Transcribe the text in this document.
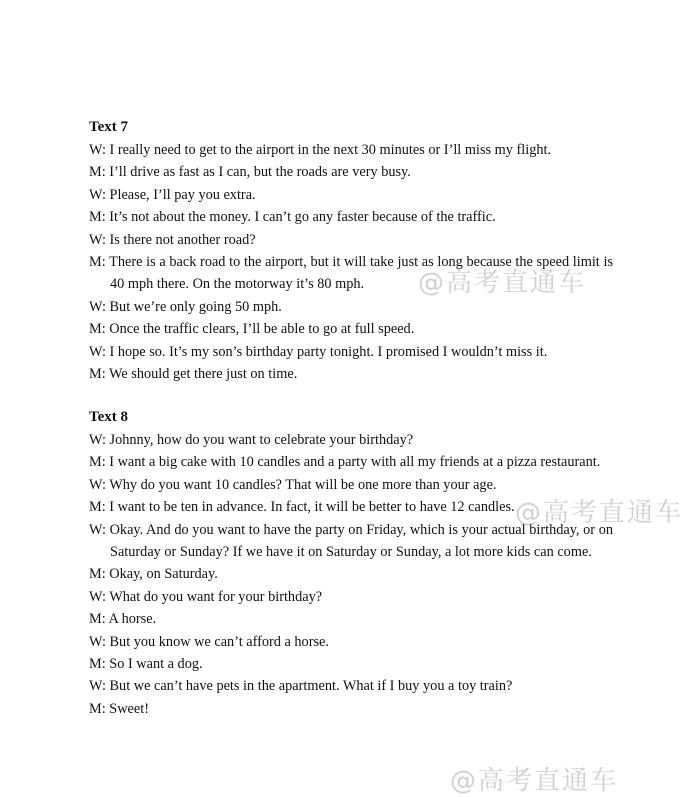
Text 7

W: I really need to get to the airport in the next 30 minutes or I’ll miss my flight.

M: I’ll drive as fast as I can, but the roads are very busy.

W: Please, I’ll pay you extra.

M: It’s not about the money. I can’t go any faster because of the traffic.

W: Is there not another road?

M: There is a back road to the airport, but it will take just as long because the speed limit is 40 mph there. On the motorway it’s 80 mph.

W: But we’re only going 50 mph.

M: Once the traffic clears, I’ll be able to go at full speed.

W: I hope so. It’s my son’s birthday party tonight. I promised I wouldn’t miss it.

M: We should get there just on time.

Text 8

W: Johnny, how do you want to celebrate your birthday?

M: I want a big cake with 10 candles and a party with all my friends at a pizza restaurant.

W: Why do you want 10 candles? That will be one more than your age.

M: I want to be ten in advance. In fact, it will be better to have 12 candles.

W: Okay. And do you want to have the party on Friday, which is your actual birthday, or on Saturday or Sunday? If we have it on Saturday or Sunday, a lot more kids can come.

M: Okay, on Saturday.

W: What do you want for your birthday?

M: A horse.

W: But you know we can’t afford a horse.

M: So I want a dog.

W: But we can’t have pets in the apartment. What if I buy you a toy train?

M: Sweet!

@高考直通车
@高考直通车
@高考直通车
